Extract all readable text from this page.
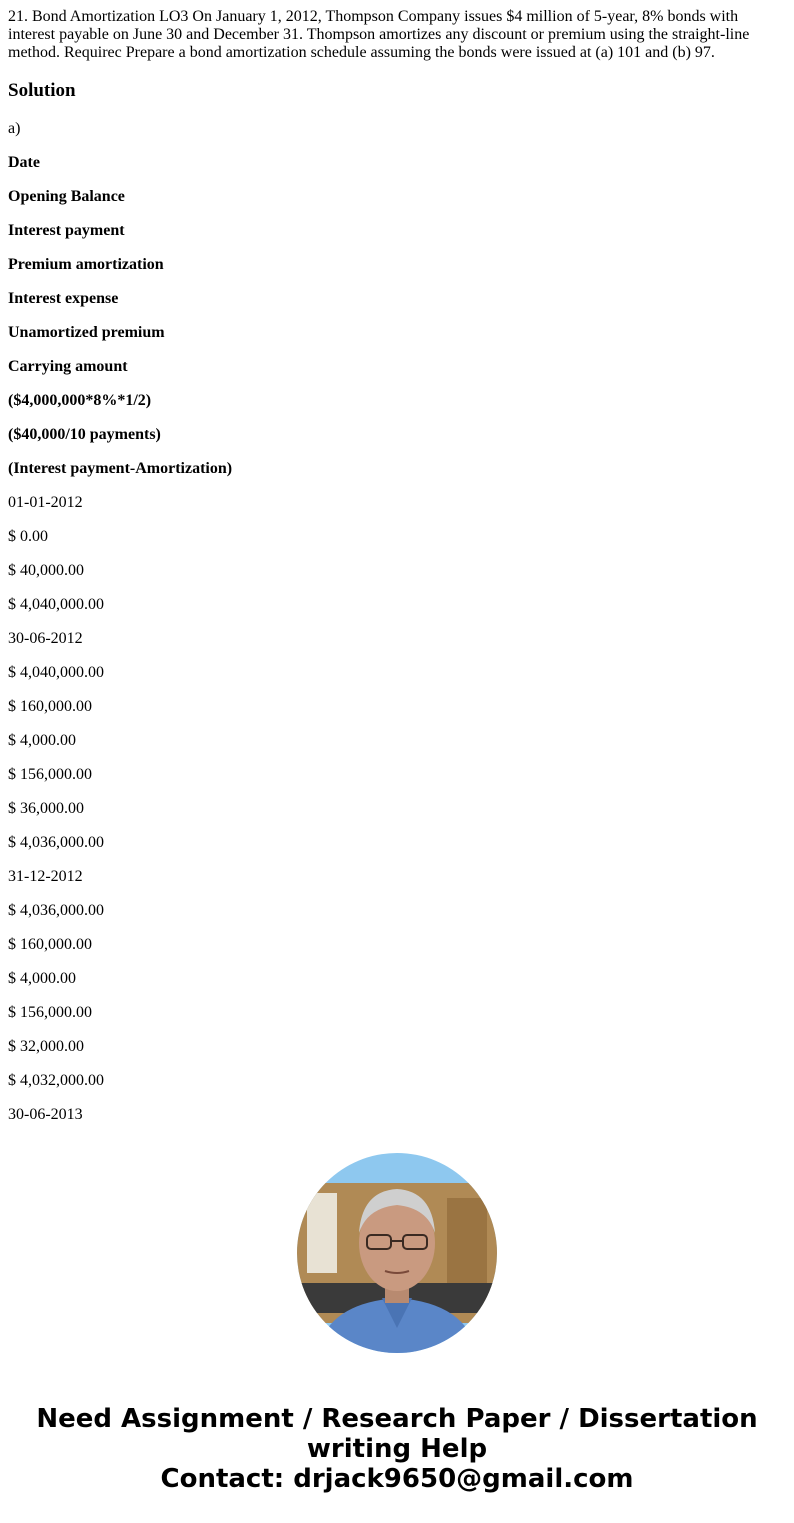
21. Bond Amortization LO3 On January 1, 2012, Thompson Company issues $4 million of 5-year, 8% bonds with interest payable on June 30 and December 31. Thompson amortizes any discount or premium using the straight-line method. Requirec Prepare a bond amortization schedule assuming the bonds were issued at (a) 101 and (b) 97.

Solution

a)

Date

Opening Balance

Interest payment

Premium amortization

Interest expense

Unamortized premium

Carrying amount

($4,000,000*8%*1/2)

($40,000/10 payments)

(Interest payment-Amortization)

01-01-2012

$ 0.00

$ 40,000.00

$ 4,040,000.00

30-06-2012

$ 4,040,000.00

$ 160,000.00

$ 4,000.00

$ 156,000.00

$ 36,000.00

$ 4,036,000.00

31-12-2012

$ 4,036,000.00

$ 160,000.00

$ 4,000.00

$ 156,000.00

$ 32,000.00

$ 4,032,000.00

30-06-2013

Need Assignment / Research Paper / Dissertation
writing Help
Contact: drjack9650@gmail.com
